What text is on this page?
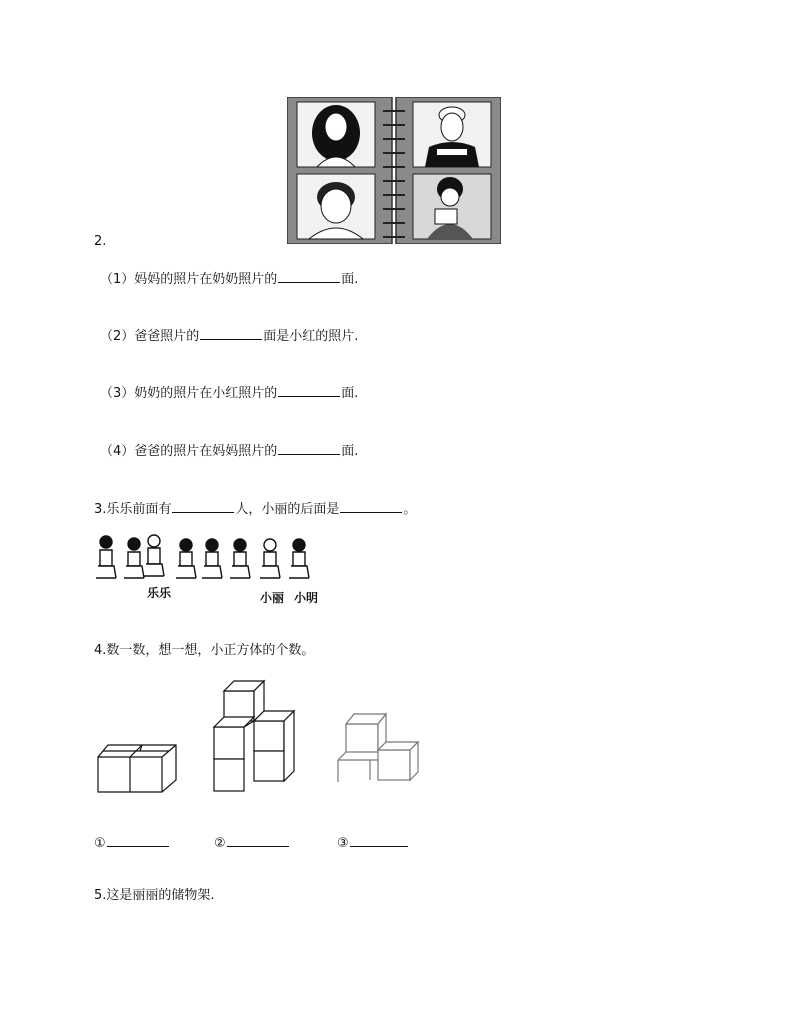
2.
（1）妈妈的照片在奶奶照片的	面.
（2）爸爸照片的	面是小红的照片.
（3）奶奶的照片在小红照片的	面.
（4）爸爸的照片在妈妈照片的	面.
3.乐乐前面有	人，小丽的后面是	。
乐乐	小丽 小明
4.数一数，想一想，小正方体的个数。
①	②	③
5.这是丽丽的储物架.
